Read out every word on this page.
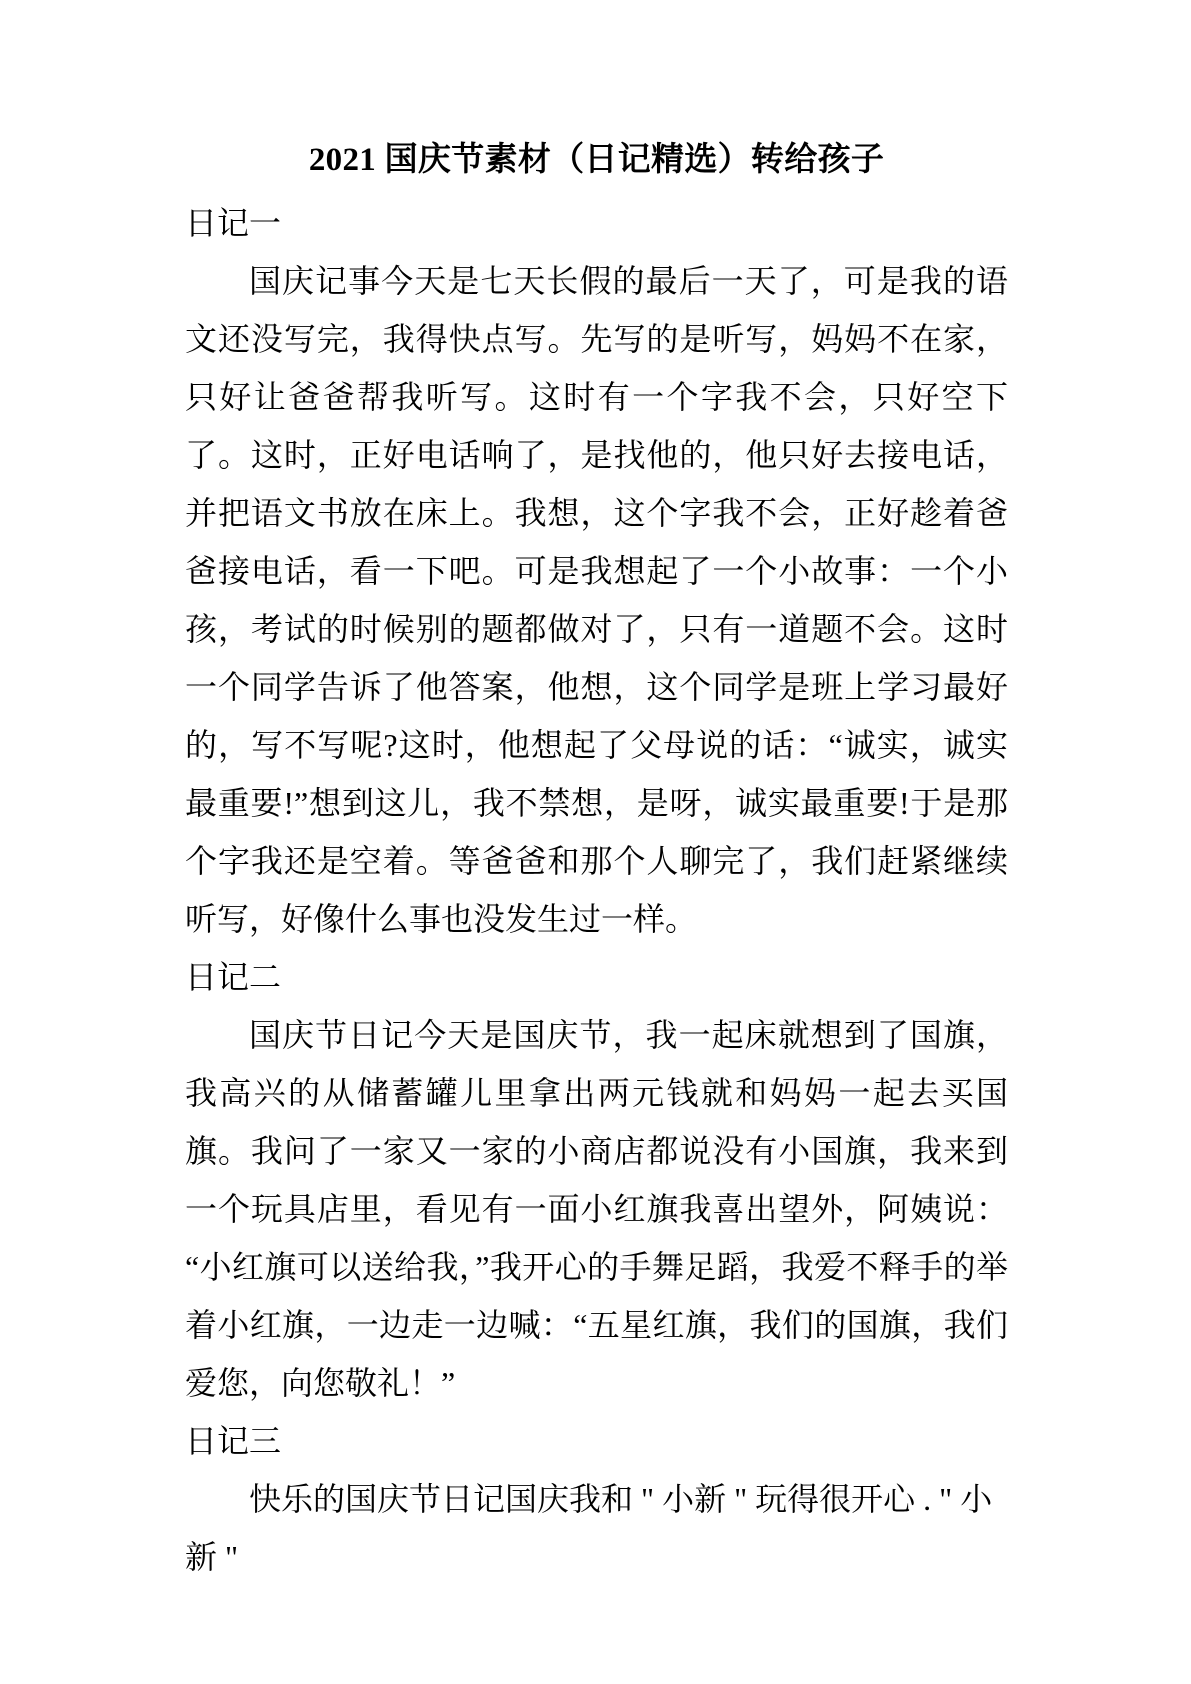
2021 国庆节素材（日记精选）转给孩子
日记一

国庆记事今天是七天长假的最后一天了，可是我的语文还没写完，我得快点写。先写的是听写，妈妈不在家，只好让爸爸帮我听写。这时有一个字我不会，只好空下了。这时，正好电话响了，是找他的，他只好去接电话，并把语文书放在床上。我想，这个字我不会，正好趁着爸爸接电话，看一下吧。可是我想起了一个小故事：一个小孩，考试的时候别的题都做对了，只有一道题不会。这时一个同学告诉了他答案，他想，这个同学是班上学习最好的，写不写呢?这时，他想起了父母说的话：“诚实，诚实最重要!”想到这儿，我不禁想，是呀，诚实最重要!于是那个字我还是空着。等爸爸和那个人聊完了，我们赶紧继续听写，好像什么事也没发生过一样。

日记二

国庆节日记今天是国庆节，我一起床就想到了国旗，我高兴的从储蓄罐儿里拿出两元钱就和妈妈一起去买国旗。我问了一家又一家的小商店都说没有小国旗，我来到一个玩具店里，看见有一面小红旗我喜出望外，阿姨说：“小红旗可以送给我，”我开心的手舞足蹈，我爱不释手的举着小红旗，一边走一边喊：“五星红旗，我们的国旗，我们爱您，向您敬礼！”

日记三

快乐的国庆节日记国庆我和 " 小新 " 玩得很开心 . " 小新 "
